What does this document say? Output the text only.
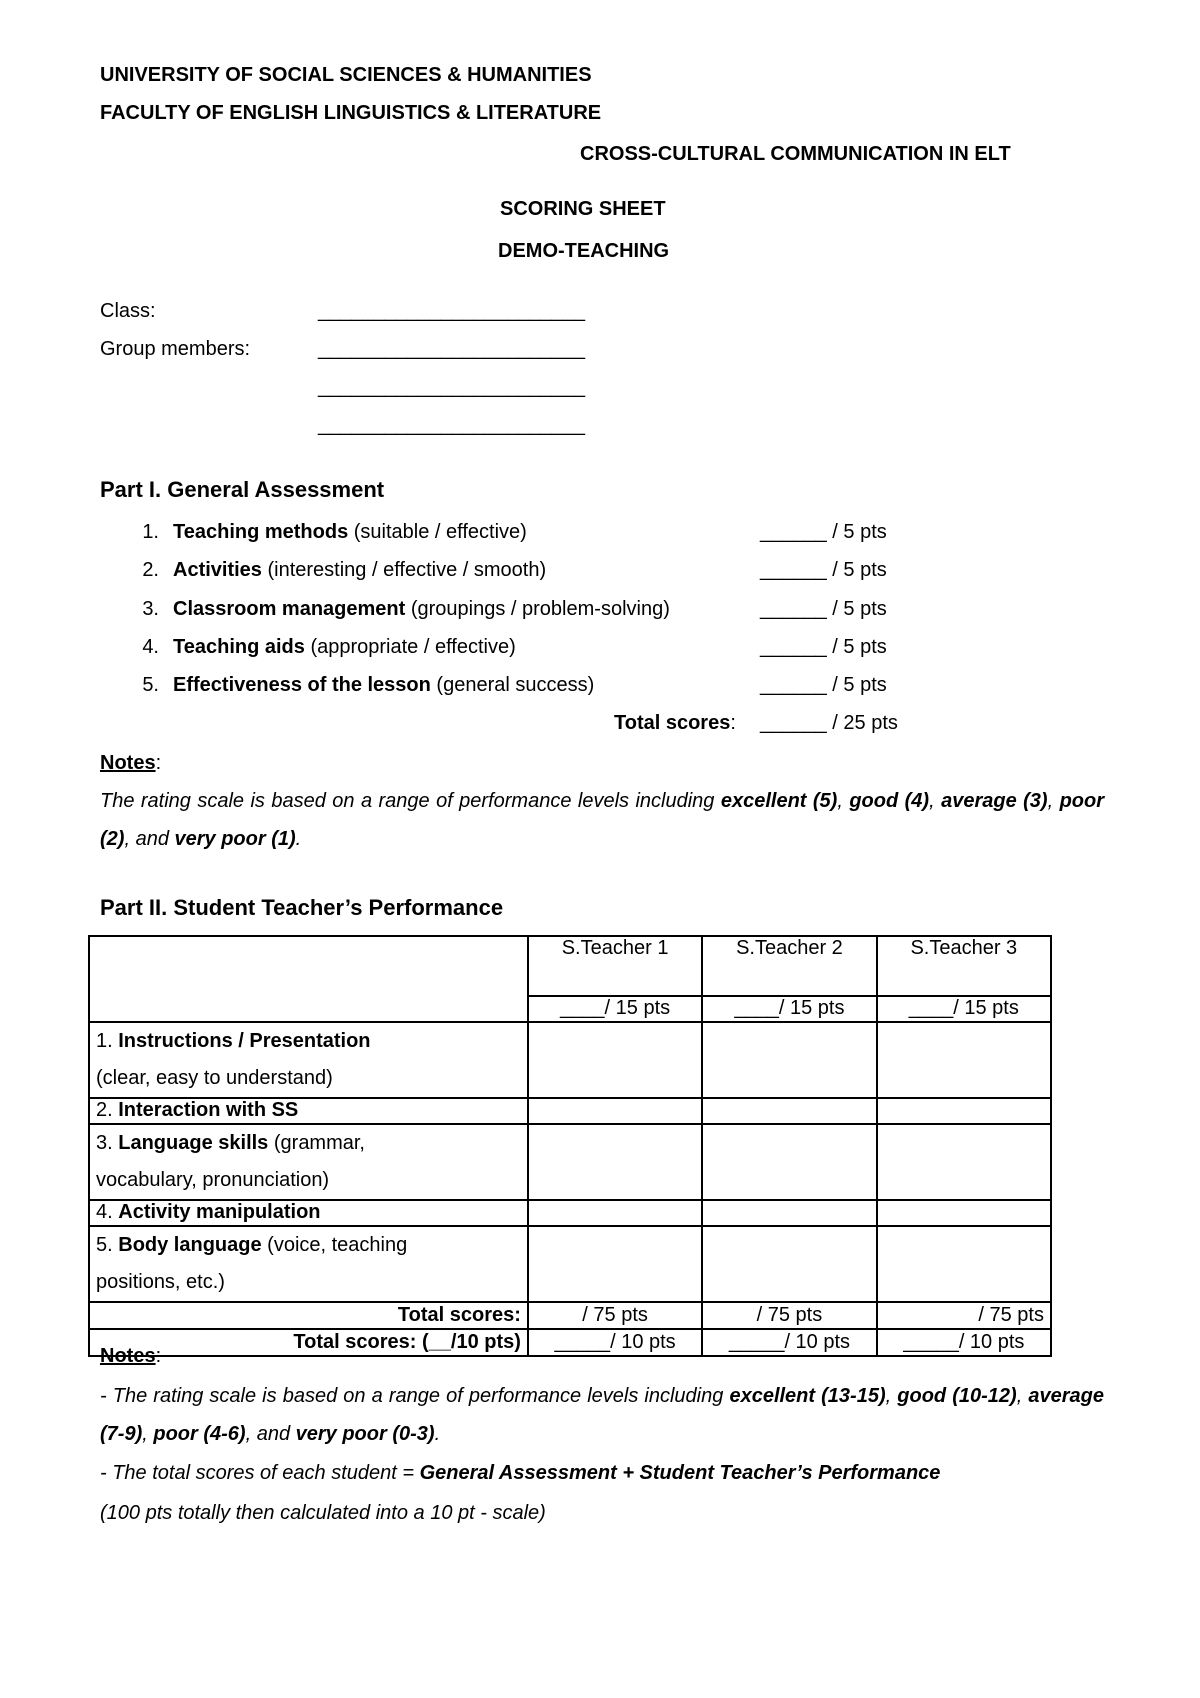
UNIVERSITY OF SOCIAL SCIENCES & HUMANITIES
FACULTY OF ENGLISH LINGUISTICS & LITERATURE
CROSS-CULTURAL COMMUNICATION IN ELT
SCORING SHEET
DEMO-TEACHING
Class:	________________________
Group members:	________________________
________________________
________________________
Part I. General Assessment
1. Teaching methods (suitable / effective)	______ / 5 pts
2. Activities (interesting / effective / smooth)	______ / 5 pts
3. Classroom management (groupings / problem-solving)	______ / 5 pts
4. Teaching aids (appropriate / effective)	______ / 5 pts
5. Effectiveness of the lesson (general success)	______ / 5 pts
Total scores: ______ / 25 pts
Notes:
The rating scale is based on a range of performance levels including excellent (5), good (4), average (3), poor (2), and very poor (1).
Part II. Student Teacher’s Performance
	S.Teacher 1	S.Teacher 2	S.Teacher 3
	____/ 15 pts	____/ 15 pts	____/ 15 pts
1. Instructions / Presentation
(clear, easy to understand)			
2. Interaction with SS			
3. Language skills (grammar,
vocabulary, pronunciation)			
4. Activity manipulation			
5. Body language (voice, teaching
positions, etc.)			
Total scores:	/ 75 pts	/ 75 pts	/ 75 pts
Total scores: (__/10 pts)	_____/ 10 pts	_____/ 10 pts	_____/ 10 pts
Notes:
- The rating scale is based on a range of performance levels including excellent (13-15), good (10-12), average (7-9), poor (4-6), and very poor (0-3).
- The total scores of each student = General Assessment + Student Teacher’s Performance
(100 pts totally then calculated into a 10 pt - scale)
